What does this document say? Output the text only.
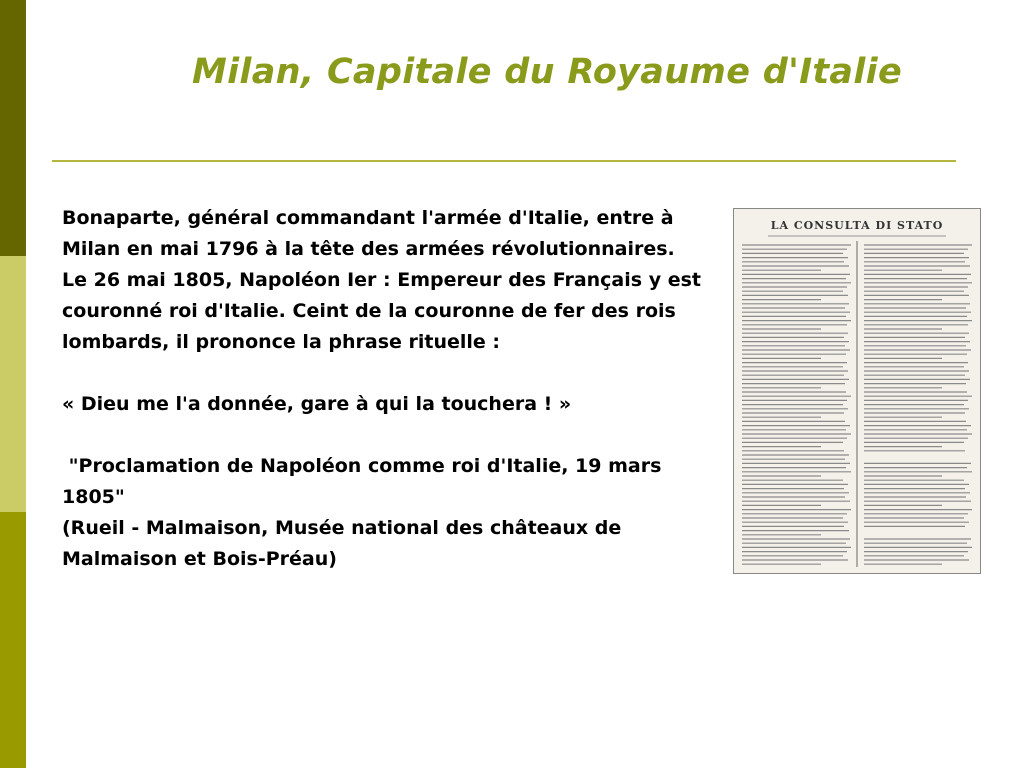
Milan, Capitale du Royaume d'Italie

Bonaparte, général commandant l'armée d'Italie, entre à Milan en mai 1796 à la tête des armées révolutionnaires.

Le 26 mai 1805, Napoléon Ier : Empereur des Français y est couronné roi d'Italie. Ceint de la couronne de fer des rois lombards, il prononce la phrase rituelle :

« Dieu me l'a donnée, gare à qui la touchera ! »

"Proclamation de Napoléon comme roi d'Italie, 19 mars 1805"

(Rueil - Malmaison, Musée national des châteaux de Malmaison et Bois-Préau)

LA CONSULTA DI STATO
